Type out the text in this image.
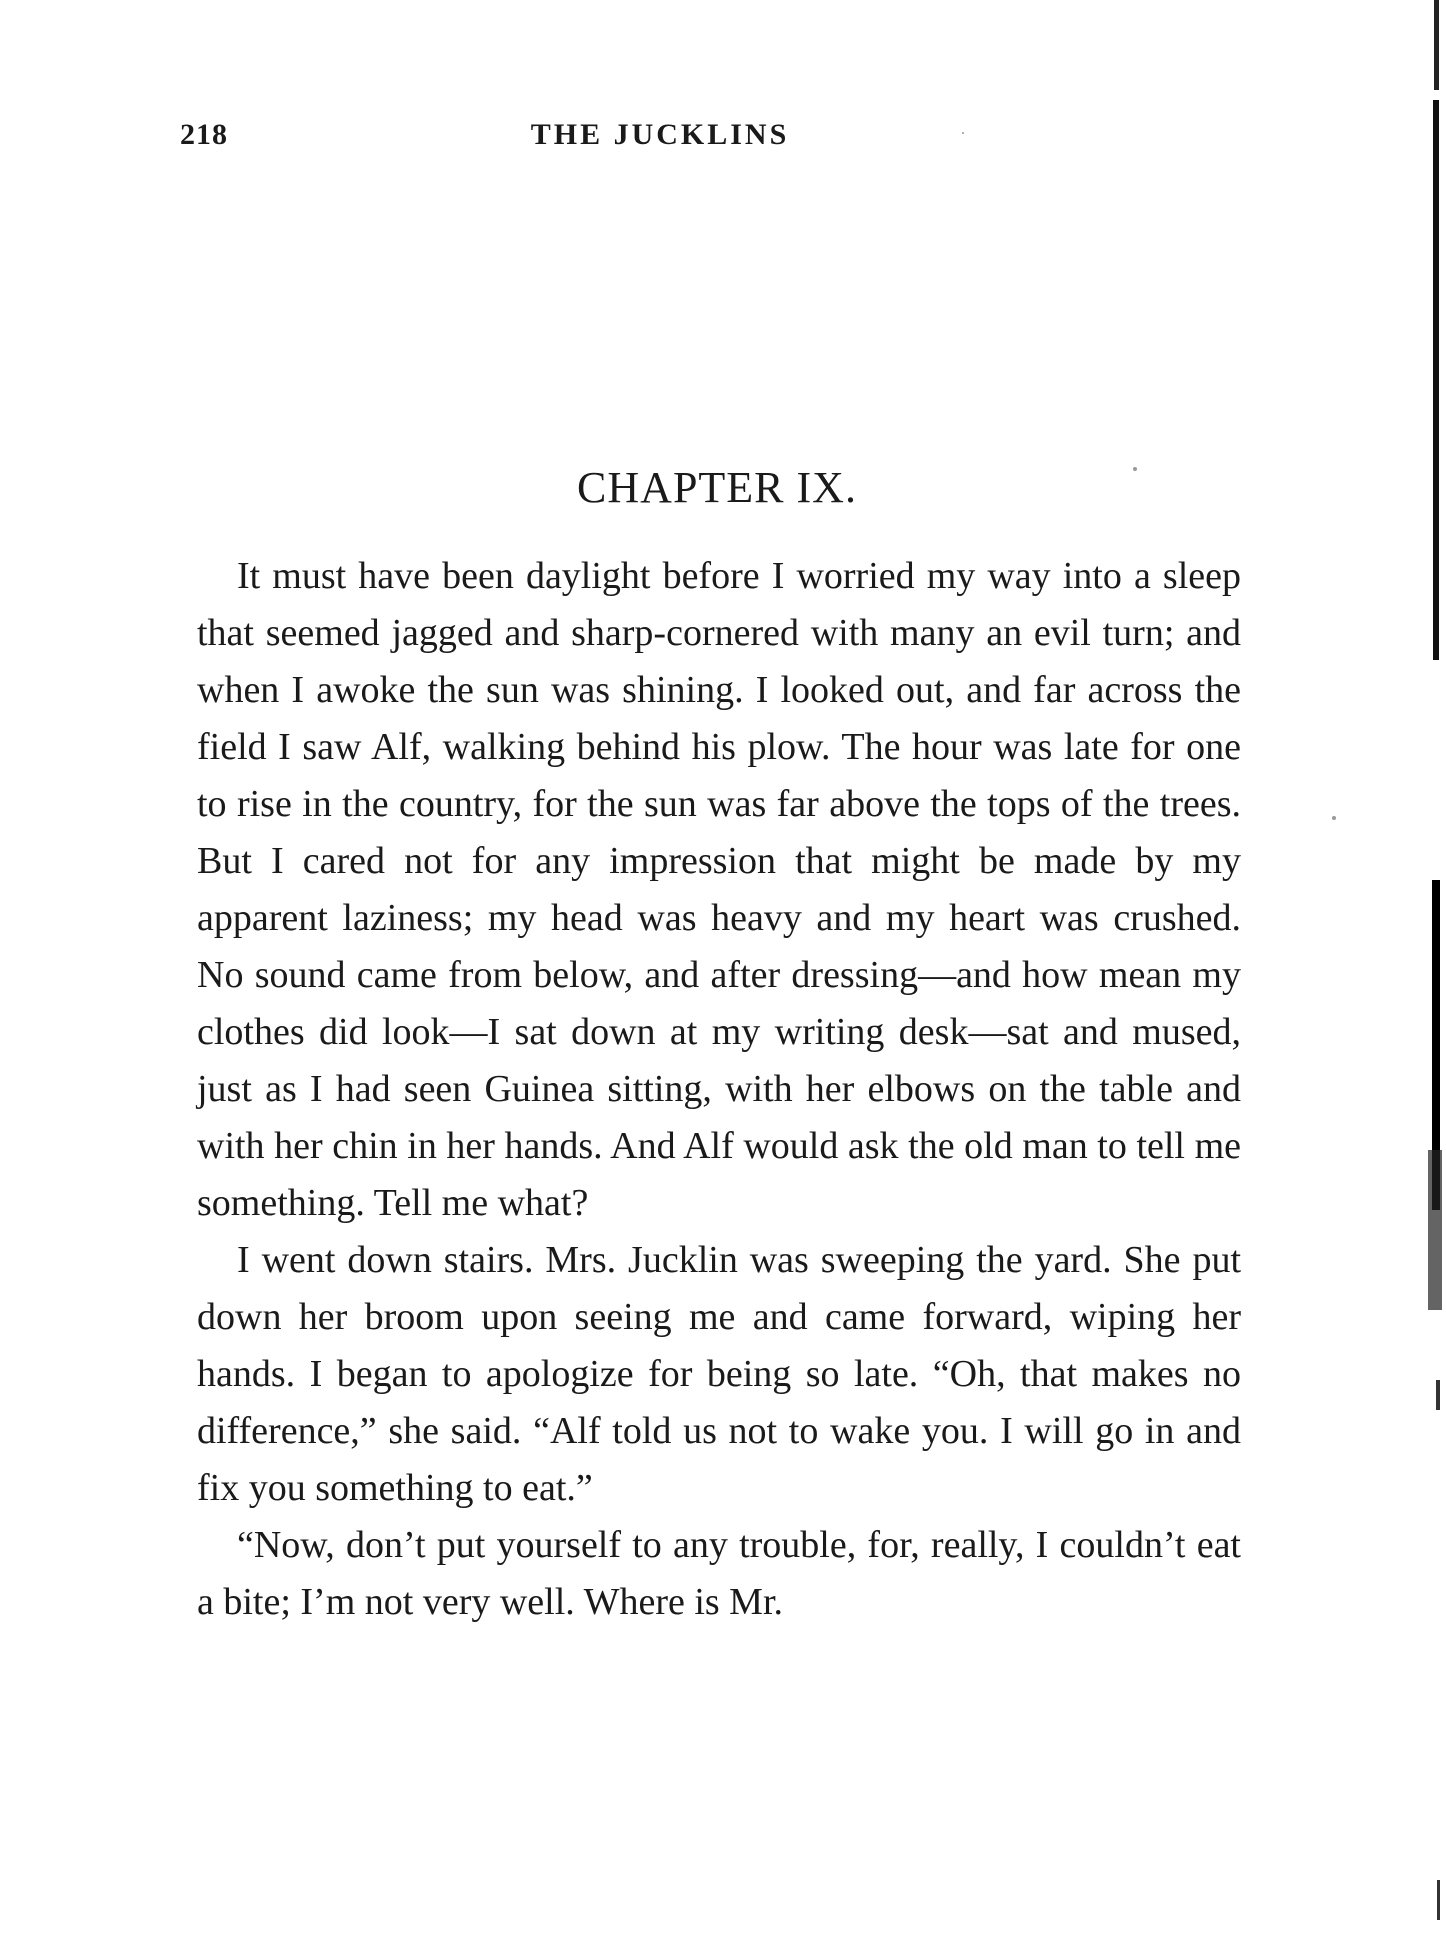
218	THE JUCKLINS
CHAPTER IX.

It must have been daylight before I worried my way into a sleep that seemed jagged and sharp-cornered with many an evil turn; and when I awoke the sun was shining. I looked out, and far across the field I saw Alf, walking behind his plow. The hour was late for one to rise in the country, for the sun was far above the tops of the trees. But I cared not for any impression that might be made by my apparent laziness; my head was heavy and my heart was crushed. No sound came from below, and after dressing—and how mean my clothes did look—I sat down at my writing desk—sat and mused, just as I had seen Guinea sitting, with her elbows on the table and with her chin in her hands. And Alf would ask the old man to tell me something. Tell me what?

I went down stairs. Mrs. Jucklin was sweeping the yard. She put down her broom upon seeing me and came forward, wiping her hands. I began to apologize for being so late. “Oh, that makes no difference,” she said. “Alf told us not to wake you. I will go in and fix you something to eat.”

“Now, don’t put yourself to any trouble, for, really, I couldn’t eat a bite; I’m not very well. Where is Mr.
